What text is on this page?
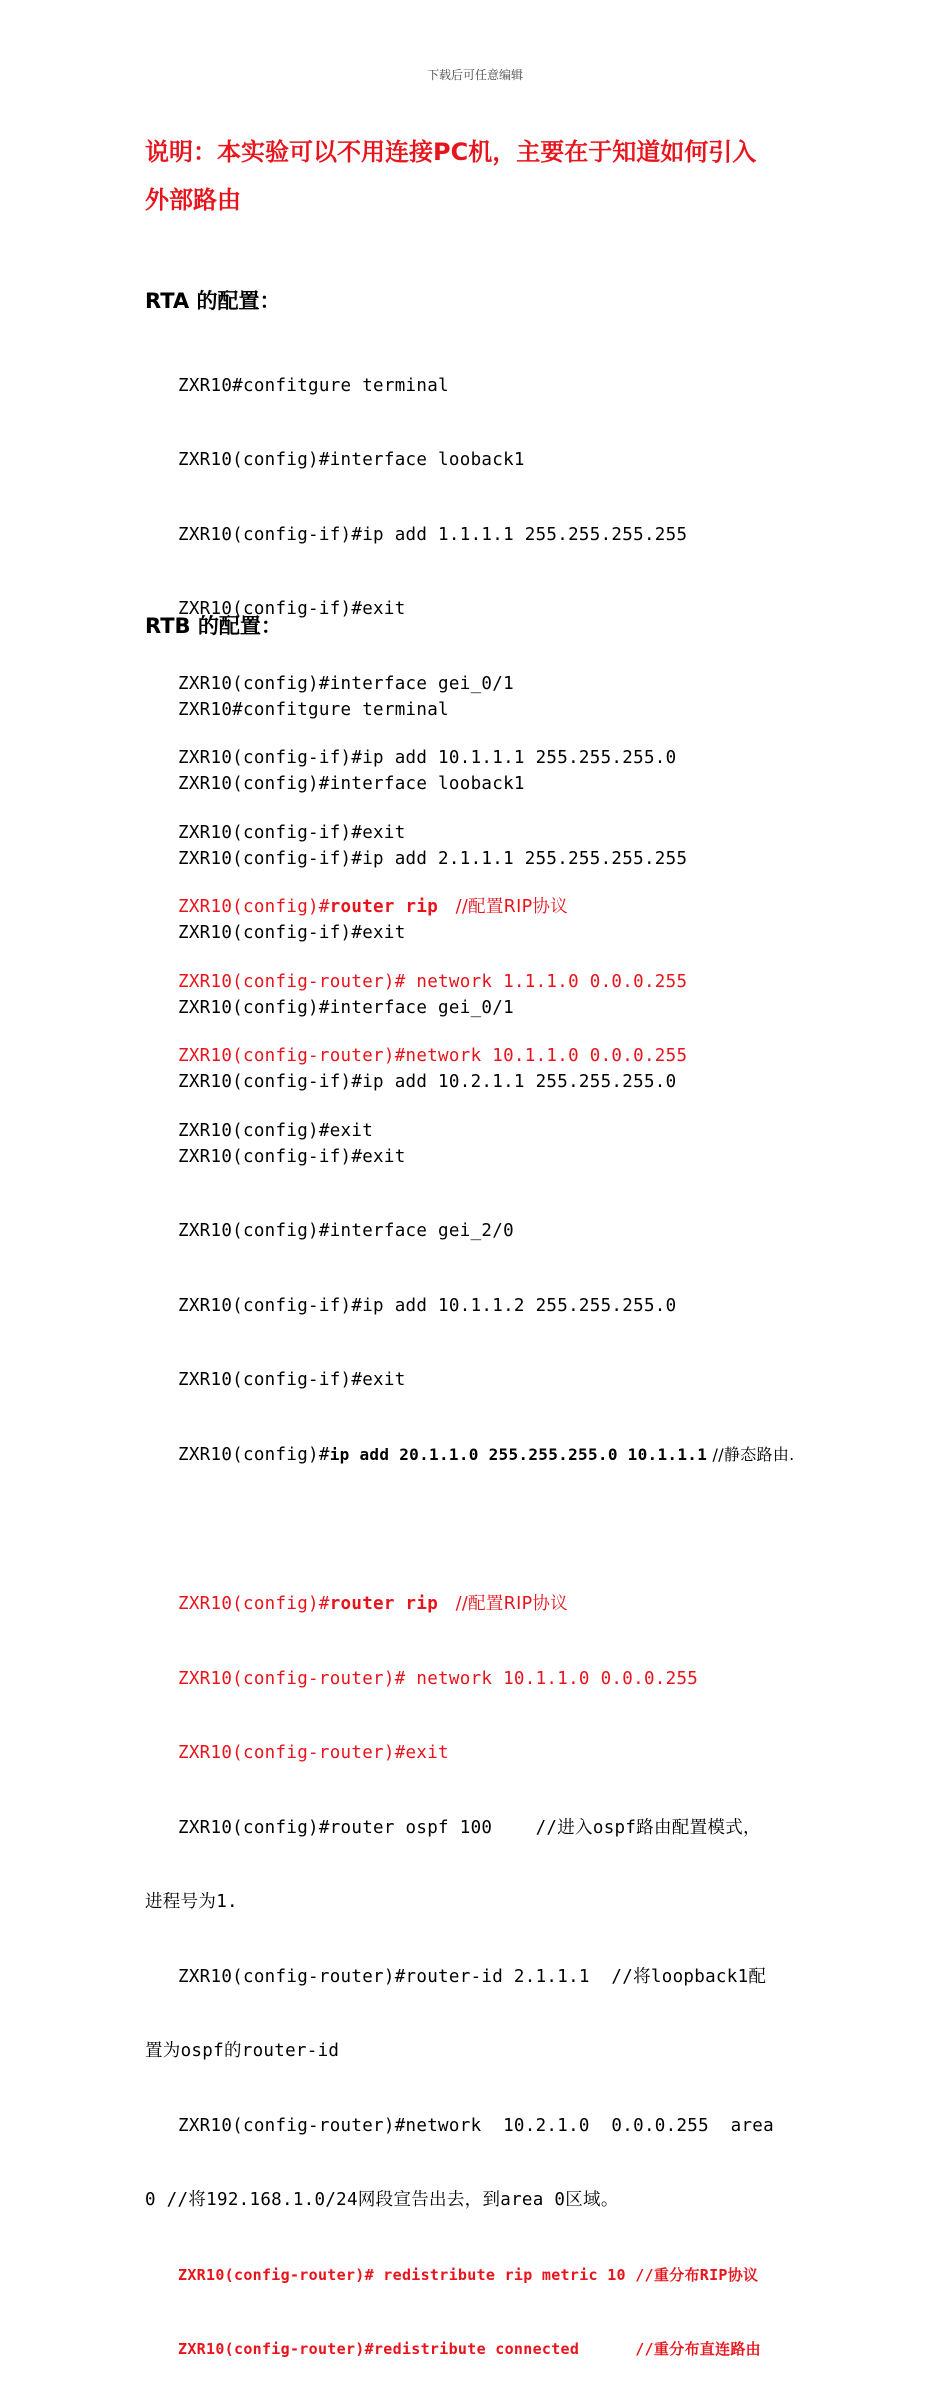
下载后可任意编辑
说明：本实验可以不用连接PC机，主要在于知道如何引入
外部路由
RTA 的配置：

ZXR10#confitgure terminal

ZXR10(config)#interface looback1

ZXR10(config-if)#ip add 1.1.1.1 255.255.255.255

ZXR10(config-if)#exit

ZXR10(config)#interface gei_0/1

ZXR10(config-if)#ip add 10.1.1.1 255.255.255.0

ZXR10(config-if)#exit

ZXR10(config)#router rip   //配置RIP协议

ZXR10(config-router)# network 1.1.1.0 0.0.0.255

ZXR10(config-router)#network 10.1.1.0 0.0.0.255

ZXR10(config)#exit

RTB 的配置：

ZXR10#confitgure terminal

ZXR10(config)#interface looback1

ZXR10(config-if)#ip add 2.1.1.1 255.255.255.255

ZXR10(config-if)#exit

ZXR10(config)#interface gei_0/1

ZXR10(config-if)#ip add 10.2.1.1 255.255.255.0

ZXR10(config-if)#exit

ZXR10(config)#interface gei_2/0

ZXR10(config-if)#ip add 10.1.1.2 255.255.255.0

ZXR10(config-if)#exit

ZXR10(config)#ip add 20.1.1.0 255.255.255.0 10.1.1.1 //静态路由.

ZXR10(config)#router rip   //配置RIP协议

ZXR10(config-router)# network 10.1.1.0 0.0.0.255

ZXR10(config-router)#exit

ZXR10(config)#router ospf 100    //进入ospf路由配置模式，

进程号为1.

ZXR10(config-router)#router-id 2.1.1.1  //将loopback1配

置为ospf的router-id

ZXR10(config-router)#network  10.2.1.0  0.0.0.255  area

0 //将192.168.1.0/24网段宣告出去，到area 0区域。

ZXR10(config-router)# redistribute rip metric 10 //重分布RIP协议

ZXR10(config-router)#redistribute connected      //重分布直连路由
